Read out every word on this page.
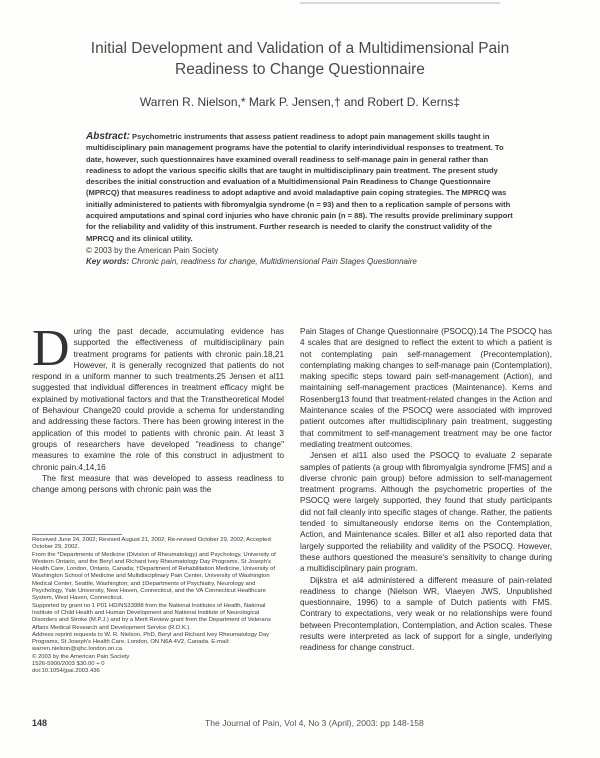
Initial Development and Validation of a Multidimensional Pain
Readiness to Change Questionnaire
Warren R. Nielson,* Mark P. Jensen,† and Robert D. Kerns‡
Abstract: Psychometric instruments that assess patient readiness to adopt pain management skills taught in multidisciplinary pain management programs have the potential to clarify interindividual responses to treatment. To date, however, such questionnaires have examined overall readiness to self-manage pain in general rather than readiness to adopt the various specific skills that are taught in multidisciplinary pain treatment. The present study describes the initial construction and evaluation of a Multidimensional Pain Readiness to Change Questionnaire (MPRCQ) that measures readiness to adopt adaptive and avoid maladaptive pain coping strategies. The MPRCQ was initially administered to patients with fibromyalgia syndrome (n = 93) and then to a replication sample of persons with acquired amputations and spinal cord injuries who have chronic pain (n = 88). The results provide preliminary support for the reliability and validity of this instrument. Further research is needed to clarify the construct validity of the MPRCQ and its clinical utility.
© 2003 by the American Pain Society
Key words: Chronic pain, readiness for change, Multidimensional Pain Stages Questionnaire

During the past decade, accumulating evidence has supported the effectiveness of multidisciplinary pain treatment programs for patients with chronic pain.18,21 However, it is generally recognized that patients do not respond in a uniform manner to such treatments.25 Jensen et al11 suggested that individual differences in treatment efficacy might be explained by motivational factors and that the Transtheoretical Model of Behaviour Change20 could provide a schema for understanding and addressing these factors. There has been growing interest in the application of this model to patients with chronic pain. At least 3 groups of researchers have developed "readiness to change" measures to examine the role of this construct in adjustment to chronic pain.4,14,16

The first measure that was developed to assess readiness to change among persons with chronic pain was the

Received June 24, 2002; Revised August 21, 2002; Re-revised October 29, 2002; Accepted October 29, 2002.

From the *Departments of Medicine (Division of Rheumatology) and Psychology, University of Western Ontario, and the Beryl and Richard Ivey Rheumatology Day Programs, St Joseph's Health Care, London, Ontario, Canada; †Department of Rehabilitation Medicine, University of Washington School of Medicine and Multidisciplinary Pain Center, University of Washington Medical Center, Seattle, Washington; and ‡Departments of Psychiatry, Neurology and Psychology, Yale University, New Haven, Connecticut, and the VA Connecticut Healthcare System, West Haven, Connecticut.

Supported by grant no 1 P01 HD/NS33988 from the National Institutes of Health, National Institute of Child Health and Human Development and National Institute of Neurological Disorders and Stroke (M.P.J.) and by a Merit Review grant from the Department of Veterans Affairs Medical Research and Development Service (R.D.K.).

Address reprint requests to W. R. Nielson, PhD, Beryl and Richard Ivey Rheumatology Day Programs, St Joseph's Health Care, London, ON N6A 4V2, Canada. E-mail: warren.nielson@sjhc.london.on.ca

© 2003 by the American Pain Society

1526-5900/2003 $30.00 + 0

doi:10.1054/jpai.2003.436

Pain Stages of Change Questionnaire (PSOCQ).14 The PSOCQ has 4 scales that are designed to reflect the extent to which a patient is not contemplating pain self-management (Precontemplation), contemplating making changes to self-manage pain (Contemplation), making specific steps toward pain self-management (Action), and maintaining self-management practices (Maintenance). Kerns and Rosenberg13 found that treatment-related changes in the Action and Maintenance scales of the PSOCQ were associated with improved patient outcomes after multidisciplinary pain treatment, suggesting that commitment to self-management treatment may be one factor mediating treatment outcomes.

Jensen et al11 also used the PSOCQ to evaluate 2 separate samples of patients (a group with fibromyalgia syndrome [FMS] and a diverse chronic pain group) before admission to self-management treatment programs. Although the psychometric properties of the PSOCQ were largely supported, they found that study participants did not fall cleanly into specific stages of change. Rather, the patients tended to simultaneously endorse items on the Contemplation, Action, and Maintenance scales. Biller et al1 also reported data that largely supported the reliability and validity of the PSOCQ. However, these authors questioned the measure's sensitivity to change during a multidisciplinary pain program.

Dijkstra et al4 administered a different measure of pain-related readiness to change (Nielson WR, Vlaeyen JWS, Unpublished questionnaire, 1996) to a sample of Dutch patients with FMS. Contrary to expectations, very weak or no relationships were found between Precontemplation, Contemplation, and Action scales. These results were interpreted as lack of support for a single, underlying readiness for change construct.

148	The Journal of Pain, Vol 4, No 3 (April), 2003: pp 148-158
